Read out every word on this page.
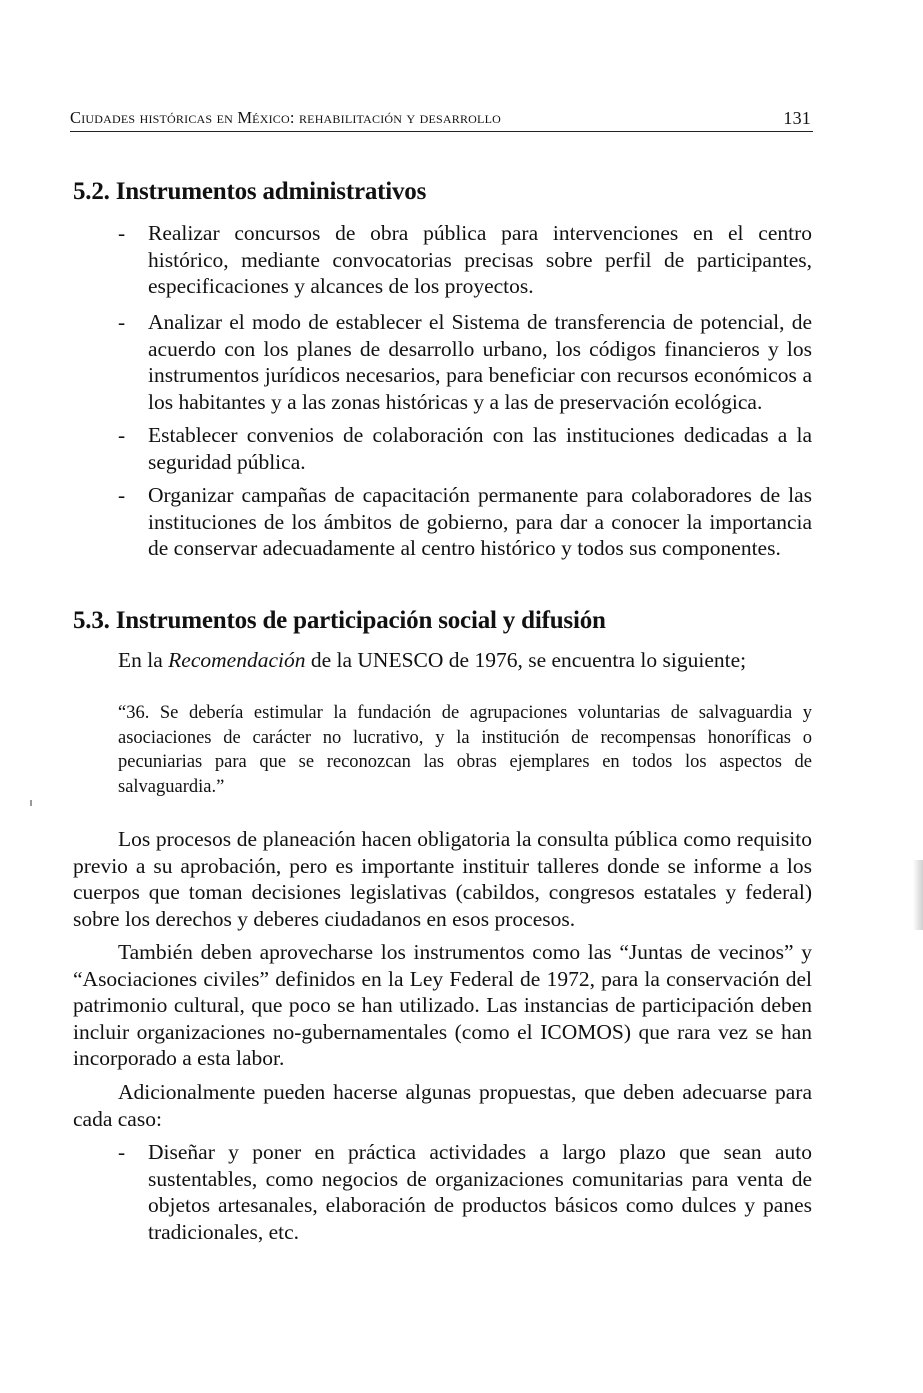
Ciudades históricas en México: rehabilitación y desarrollo	131
5.2. Instrumentos administrativos
- Realizar concursos de obra pública para intervenciones en el centro histórico, mediante convocatorias precisas sobre perfil de participantes, especificaciones y alcances de los proyectos.

- Analizar el modo de establecer el Sistema de transferencia de potencial, de acuerdo con los planes de desarrollo urbano, los códigos financieros y los instrumentos jurídicos necesarios, para beneficiar con recursos económicos a los habitantes y a las zonas históricas y a las de preservación ecológica.

- Establecer convenios de colaboración con las instituciones dedicadas a la seguridad pública.

- Organizar campañas de capacitación permanente para colaboradores de las instituciones de los ámbitos de gobierno, para dar a conocer la importancia de conservar adecuadamente al centro histórico y todos sus componentes.

5.3. Instrumentos de participación social y difusión

En la Recomendación de la UNESCO de 1976, se encuentra lo siguiente;

“36. Se debería estimular la fundación de agrupaciones voluntarias de salvaguardia y asociaciones de carácter no lucrativo, y la institución de recompensas honoríficas o pecuniarias para que se reconozcan las obras ejemplares en todos los aspectos de salvaguardia.”

Los procesos de planeación hacen obligatoria la consulta pública como requisito previo a su aprobación, pero es importante instituir talleres donde se informe a los cuerpos que toman decisiones legislativas (cabildos, congresos estatales y federal) sobre los derechos y deberes ciudadanos en esos procesos.

También deben aprovecharse los instrumentos como las “Juntas de vecinos” y “Asociaciones civiles” definidos en la Ley Federal de 1972, para la conservación del patrimonio cultural, que poco se han utilizado. Las instancias de participación deben incluir organizaciones no-gubernamentales (como el ICOMOS) que rara vez se han incorporado a esta labor.

Adicionalmente pueden hacerse algunas propuestas, que deben adecuarse para cada caso:

- Diseñar y poner en práctica actividades a largo plazo que sean auto sustentables, como negocios de organizaciones comunitarias para venta de objetos artesanales, elaboración de productos básicos como dulces y panes tradicionales, etc.
